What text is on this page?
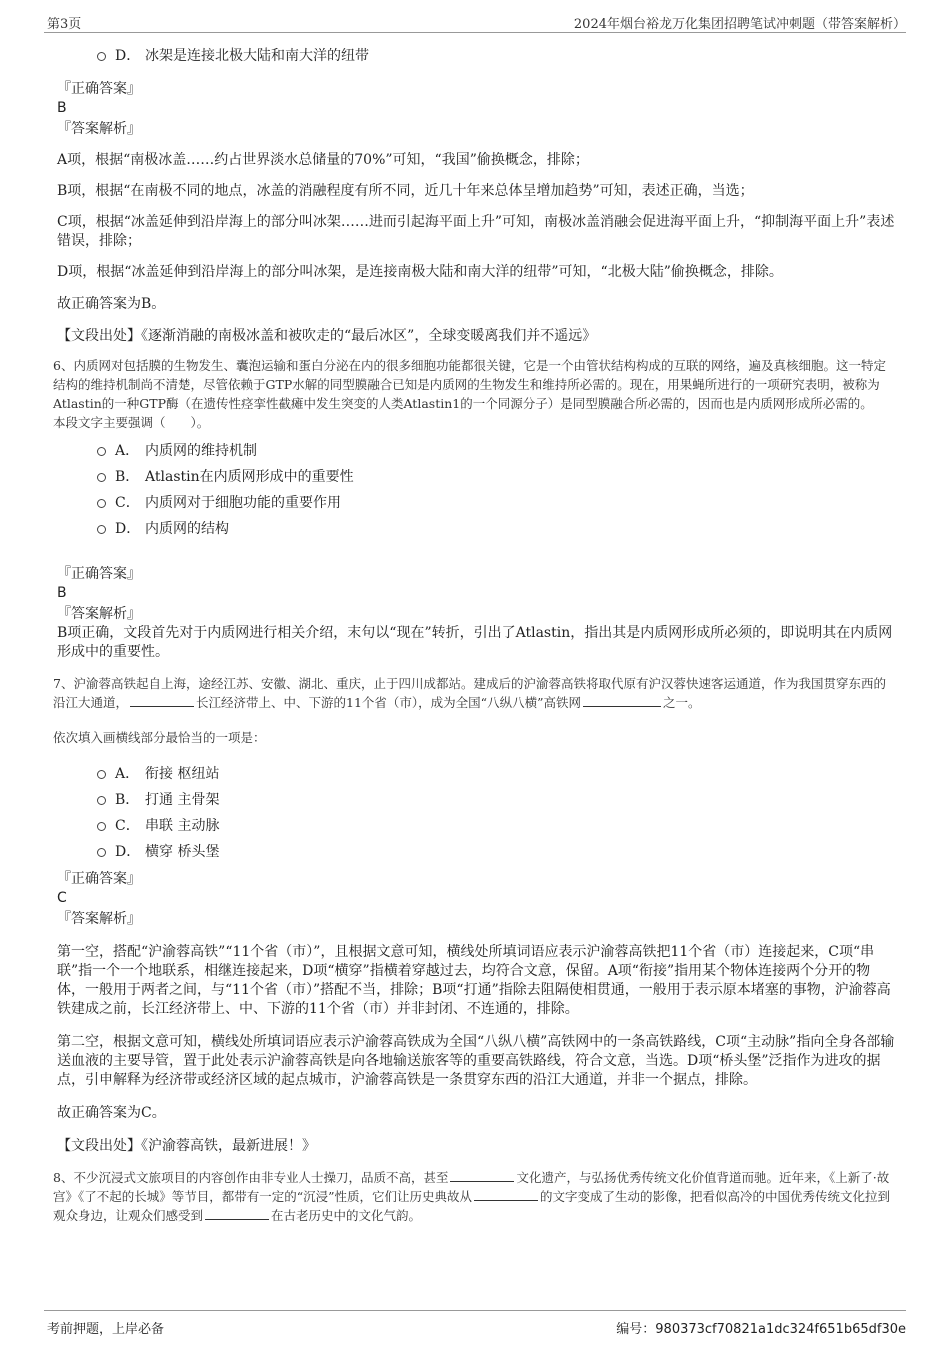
第3页	2024年烟台裕龙万化集团招聘笔试冲刺题（带答案解析）
D． 冰架是连接北极大陆和南大洋的纽带
『正确答案』
B
『答案解析』

A项，根据“南极冰盖……约占世界淡水总储量的70%”可知，“我国”偷换概念，排除；

B项，根据“在南极不同的地点，冰盖的消融程度有所不同，近几十年来总体呈增加趋势”可知，表述正确，当选；

C项，根据“冰盖延伸到沿岸海上的部分叫冰架……进而引起海平面上升”可知，南极冰盖消融会促进海平面上升，“抑制海平面上升”表述错误，排除；

D项，根据“冰盖延伸到沿岸海上的部分叫冰架，是连接南极大陆和南大洋的纽带”可知，“北极大陆”偷换概念，排除。

故正确答案为B。

【文段出处】《逐渐消融的南极冰盖和被吹走的“最后冰区”，全球变暖离我们并不遥远》

6、内质网对包括膜的生物发生、囊泡运输和蛋白分泌在内的很多细胞功能都很关键，它是一个由管状结构构成的互联的网络，遍及真核细胞。这一特定结构的维持机制尚不清楚，尽管依赖于GTP水解的同型膜融合已知是内质网的生物发生和维持所必需的。现在，用果蝇所进行的一项研究表明，被称为Atlastin的一种GTP酶（在遗传性痉挛性截瘫中发生突变的人类Atlastin1的一个同源分子）是同型膜融合所必需的，因而也是内质网形成所必需的。

本段文字主要强调（　　）。

A． 内质网的维持机制
B． Atlastin在内质网形成中的重要性
C． 内质网对于细胞功能的重要作用
D． 内质网的结构
『正确答案』
B
『答案解析』

B项正确，文段首先对于内质网进行相关介绍，末句以“现在”转折，引出了Atlastin，指出其是内质网形成所必须的，即说明其在内质网形成中的重要性。

7、沪渝蓉高铁起自上海，途经江苏、安徽、湖北、重庆，止于四川成都站。建成后的沪渝蓉高铁将取代原有沪汉蓉快速客运通道，作为我国贯穿东西的沿江大通道，	长江经济带上、中、下游的11个省（市），成为全国“八纵八横”高铁网	之一。

依次填入画横线部分最恰当的一项是：

A． 衔接 枢纽站
B． 打通 主骨架
C． 串联 主动脉
D． 横穿 桥头堡
『正确答案』
C
『答案解析』

第一空，搭配“沪渝蓉高铁”“11个省（市）”，且根据文意可知，横线处所填词语应表示沪渝蓉高铁把11个省（市）连接起来，C项“串联”指一个一个地联系，相继连接起来，D项“横穿”指横着穿越过去，均符合文意，保留。A项“衔接”指用某个物体连接两个分开的物体，一般用于两者之间，与“11个省（市）”搭配不当，排除；B项“打通”指除去阻隔使相贯通，一般用于表示原本堵塞的事物，沪渝蓉高铁建成之前，长江经济带上、中、下游的11个省（市）并非封闭、不连通的，排除。

第二空，根据文意可知，横线处所填词语应表示沪渝蓉高铁成为全国“八纵八横”高铁网中的一条高铁路线，C项“主动脉”指向全身各部输送血液的主要导管，置于此处表示沪渝蓉高铁是向各地输送旅客等的重要高铁路线，符合文意，当选。D项“桥头堡”泛指作为进攻的据点，引申解释为经济带或经济区域的起点城市，沪渝蓉高铁是一条贯穿东西的沿江大通道，并非一个据点，排除。

故正确答案为C。

【文段出处】《沪渝蓉高铁，最新进展！》

8、不少沉浸式文旅项目的内容创作由非专业人士操刀，品质不高，甚至	文化遗产，与弘扬优秀传统文化价值背道而驰。近年来，《上新了·故宫》《了不起的长城》等节目，都带有一定的“沉浸”性质，它们让历史典故从	的文字变成了生动的影像，把看似高冷的中国优秀传统文化拉到观众身边，让观众们感受到	在古老历史中的文化气韵。

考前押题，上岸必备	编号：980373cf70821a1dc324f651b65df30e
